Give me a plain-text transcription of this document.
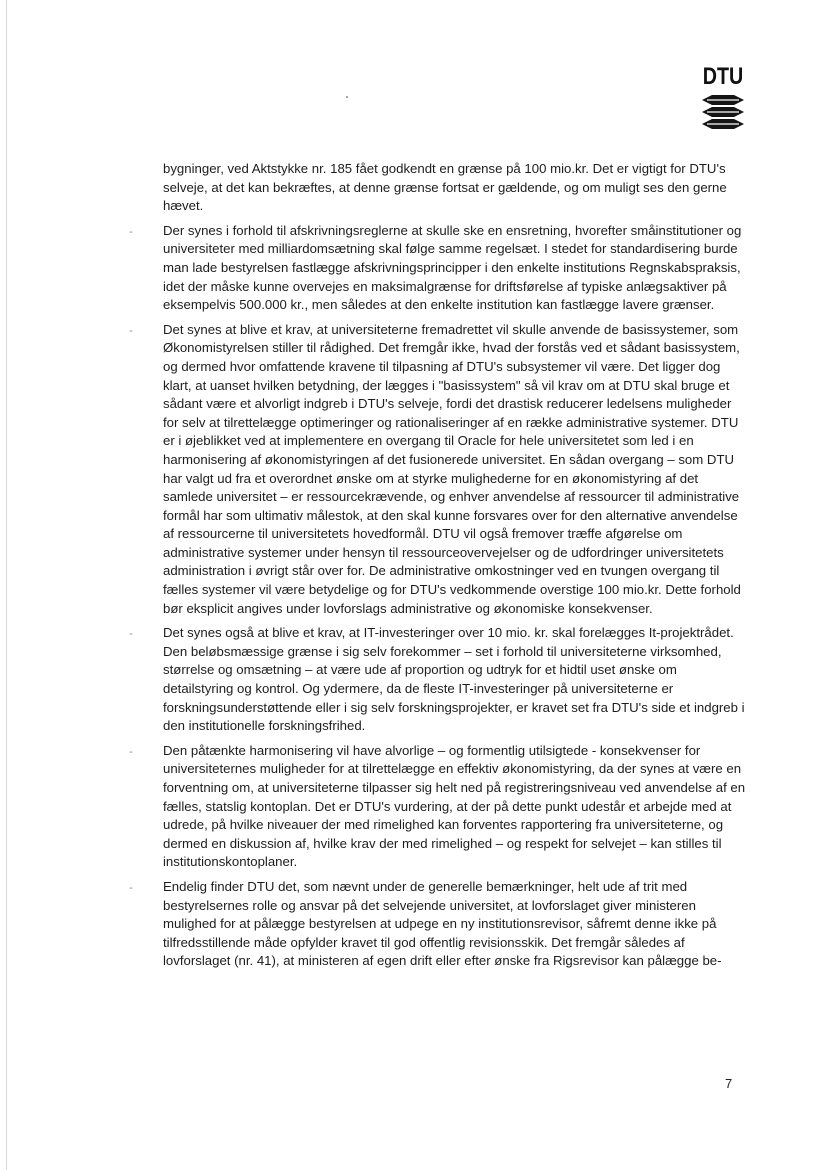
DTU

bygninger, ved Aktstykke nr. 185 fået godkendt en grænse på 100 mio.kr. Det er vigtigt for DTU's selveje, at det kan bekræftes, at denne grænse fortsat er gældende, og om muligt ses den gerne hævet.

- Der synes i forhold til afskrivningsreglerne at skulle ske en ensretning, hvorefter småinstitutioner og universiteter med milliardomsætning skal følge samme regelsæt. I stedet for standardisering burde man lade bestyrelsen fastlægge afskrivningsprincipper i den enkelte institutions Regnskabspraksis, idet der måske kunne overvejes en maksimalgrænse for driftsførelse af typiske anlægsaktiver på eksempelvis 500.000 kr., men således at den enkelte institution kan fastlægge lavere grænser.

- Det synes at blive et krav, at universiteterne fremadrettet vil skulle anvende de basissystemer, som Økonomistyrelsen stiller til rådighed. Det fremgår ikke, hvad der forstås ved et sådant basissystem, og dermed hvor omfattende kravene til tilpasning af DTU's subsystemer vil være. Det ligger dog klart, at uanset hvilken betydning, der lægges i "basissystem" så vil krav om at DTU skal bruge et sådant være et alvorligt indgreb i DTU's selveje, fordi det drastisk reducerer ledelsens muligheder for selv at tilrettelægge optimeringer og rationaliseringer af en række administrative systemer. DTU er i øjeblikket ved at implementere en overgang til Oracle for hele universitetet som led i en harmonisering af økonomistyringen af det fusionerede universitet. En sådan overgang – som DTU har valgt ud fra et overordnet ønske om at styrke mulighederne for en økonomistyring af det samlede universitet – er ressourcekrævende, og enhver anvendelse af ressourcer til administrative formål har som ultimativ målestok, at den skal kunne forsvares over for den alternative anvendelse af ressourcerne til universitetets hovedformål. DTU vil også fremover træffe afgørelse om administrative systemer under hensyn til ressourceovervejelser og de udfordringer universitetets administration i øvrigt står over for. De administrative omkostninger ved en tvungen overgang til fælles systemer vil være betydelige og for DTU's vedkommende overstige 100 mio.kr. Dette forhold bør eksplicit angives under lovforslags administrative og økonomiske konsekvenser.

- Det synes også at blive et krav, at IT-investeringer over 10 mio. kr. skal forelægges It-projektrådet. Den beløbsmæssige grænse i sig selv forekommer – set i forhold til universiteterne virksomhed, størrelse og omsætning – at være ude af proportion og udtryk for et hidtil uset ønske om detailstyring og kontrol. Og ydermere, da de fleste IT-investeringer på universiteterne er forskningsunderstøttende eller i sig selv forskningsprojekter, er kravet set fra DTU's side et indgreb i den institutionelle forskningsfrihed.

- Den påtænkte harmonisering vil have alvorlige – og formentlig utilsigtede - konsekvenser for universiteternes muligheder for at tilrettelægge en effektiv økonomistyring, da der synes at være en forventning om, at universiteterne tilpasser sig helt ned på registreringsniveau ved anvendelse af en fælles, statslig kontoplan. Det er DTU's vurdering, at der på dette punkt udestår et arbejde med at udrede, på hvilke niveauer der med rimelighed kan forventes rapportering fra universiteterne, og dermed en diskussion af, hvilke krav der med rimelighed – og respekt for selvejet – kan stilles til institutionskontoplaner.

- Endelig finder DTU det, som nævnt under de generelle bemærkninger, helt ude af trit med bestyrelsernes rolle og ansvar på det selvejende universitet, at lovforslaget giver ministeren mulighed for at pålægge bestyrelsen at udpege en ny institutionsrevisor, såfremt denne ikke på tilfredsstillende måde opfylder kravet til god offentlig revisionsskik. Det fremgår således af lovforslaget (nr. 41), at ministeren af egen drift eller efter ønske fra Rigsrevisor kan pålægge be-

7
